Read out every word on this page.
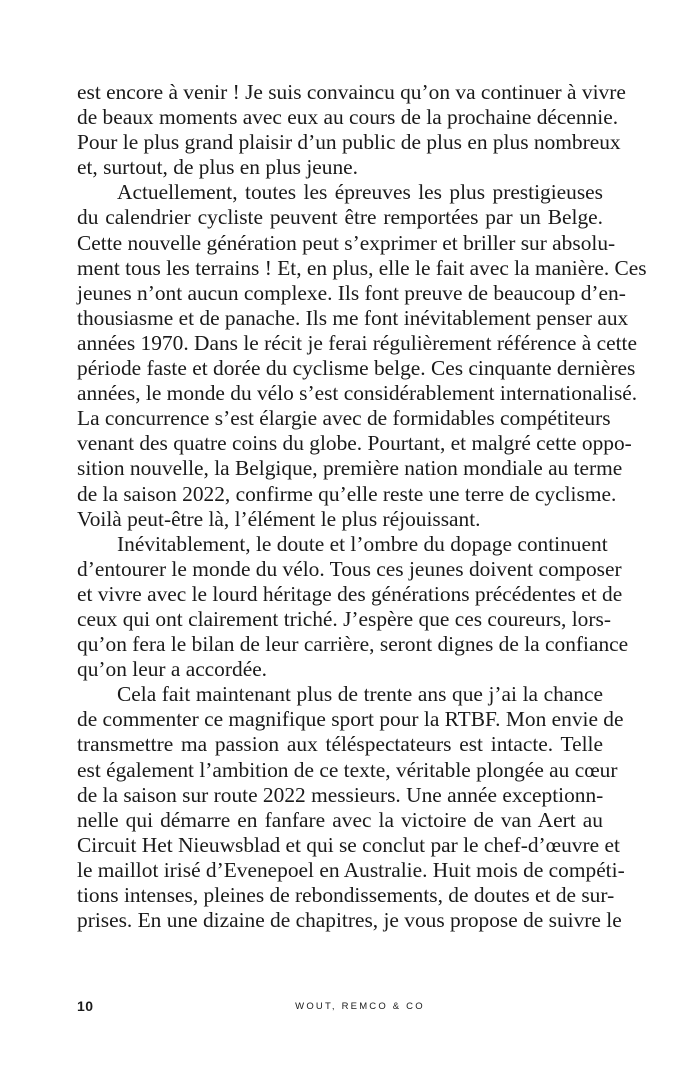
est encore à venir ! Je suis convaincu qu’on va continuer à vivre
de beaux moments avec eux au cours de la prochaine décennie.
Pour le plus grand plaisir d’un public de plus en plus nombreux
et, surtout, de plus en plus jeune.
Actuellement, toutes les épreuves les plus prestigieuses
du calendrier cycliste peuvent être remportées par un Belge.
Cette nouvelle génération peut s’exprimer et briller sur absolu-
ment tous les terrains ! Et, en plus, elle le fait avec la manière. Ces
jeunes n’ont aucun complexe. Ils font preuve de beaucoup d’en-
thousiasme et de panache. Ils me font inévitablement penser aux
années 1970. Dans le récit je ferai régulièrement référence à cette
période faste et dorée du cyclisme belge. Ces cinquante dernières
années, le monde du vélo s’est considérablement internationalisé.
La concurrence s’est élargie avec de formidables compétiteurs
venant des quatre coins du globe. Pourtant, et malgré cette oppo-
sition nouvelle, la Belgique, première nation mondiale au terme
de la saison 2022, confirme qu’elle reste une terre de cyclisme.
Voilà peut-être là, l’élément le plus réjouissant.
Inévitablement, le doute et l’ombre du dopage continuent
d’entourer le monde du vélo. Tous ces jeunes doivent composer
et vivre avec le lourd héritage des générations précédentes et de
ceux qui ont clairement triché. J’espère que ces coureurs, lors-
qu’on fera le bilan de leur carrière, seront dignes de la confiance
qu’on leur a accordée.
Cela fait maintenant plus de trente ans que j’ai la chance
de commenter ce magnifique sport pour la RTBF. Mon envie de
transmettre ma passion aux téléspectateurs est intacte. Telle
est également l’ambition de ce texte, véritable plongée au cœur
de la saison sur route 2022 messieurs. Une année exceptionn-
nelle qui démarre en fanfare avec la victoire de van Aert au
Circuit Het Nieuwsblad et qui se conclut par le chef-d’œuvre et
le maillot irisé d’Evenepoel en Australie. Huit mois de compéti-
tions intenses, pleines de rebondissements, de doutes et de sur-
prises. En une dizaine de chapitres, je vous propose de suivre le
10	WOUT, REMCO & CO
